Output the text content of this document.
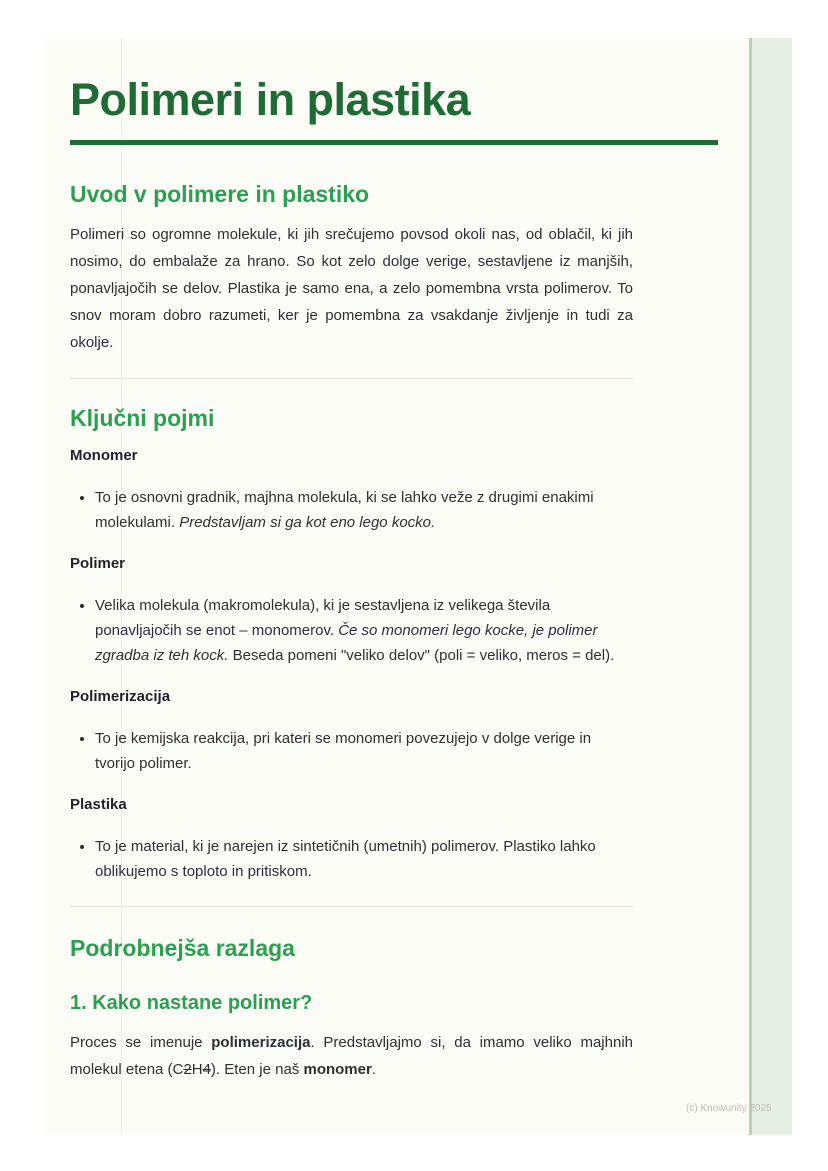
Polimeri in plastika
Uvod v polimere in plastiko

Polimeri so ogromne molekule, ki jih srečujemo povsod okoli nas, od oblačil, ki jih nosimo, do embalaže za hrano. So kot zelo dolge verige, sestavljene iz manjših, ponavljajočih se delov. Plastika je samo ena, a zelo pomembna vrsta polimerov. To snov moram dobro razumeti, ker je pomembna za vsakdanje življenje in tudi za okolje.

Ključni pojmi

Monomer

• To je osnovni gradnik, majhna molekula, ki se lahko veže z drugimi enakimi molekulami. Predstavljam si ga kot eno lego kocko.

Polimer

• Velika molekula (makromolekula), ki je sestavljena iz velikega števila ponavljajočih se enot – monomerov. Če so monomeri lego kocke, je polimer zgradba iz teh kock. Beseda pomeni "veliko delov" (poli = veliko, meros = del).

Polimerizacija

• To je kemijska reakcija, pri kateri se monomeri povezujejo v dolge verige in tvorijo polimer.

Plastika

• To je material, ki je narejen iz sintetičnih (umetnih) polimerov. Plastiko lahko oblikujemo s toploto in pritiskom.
Podrobnejša razlaga
1. Kako nastane polimer?

Proces se imenuje polimerizacija. Predstavljajmo si, da imamo veliko majhnih molekul etena (C2H4). Eten je naš monomer.

(c) Knowunity 2025
